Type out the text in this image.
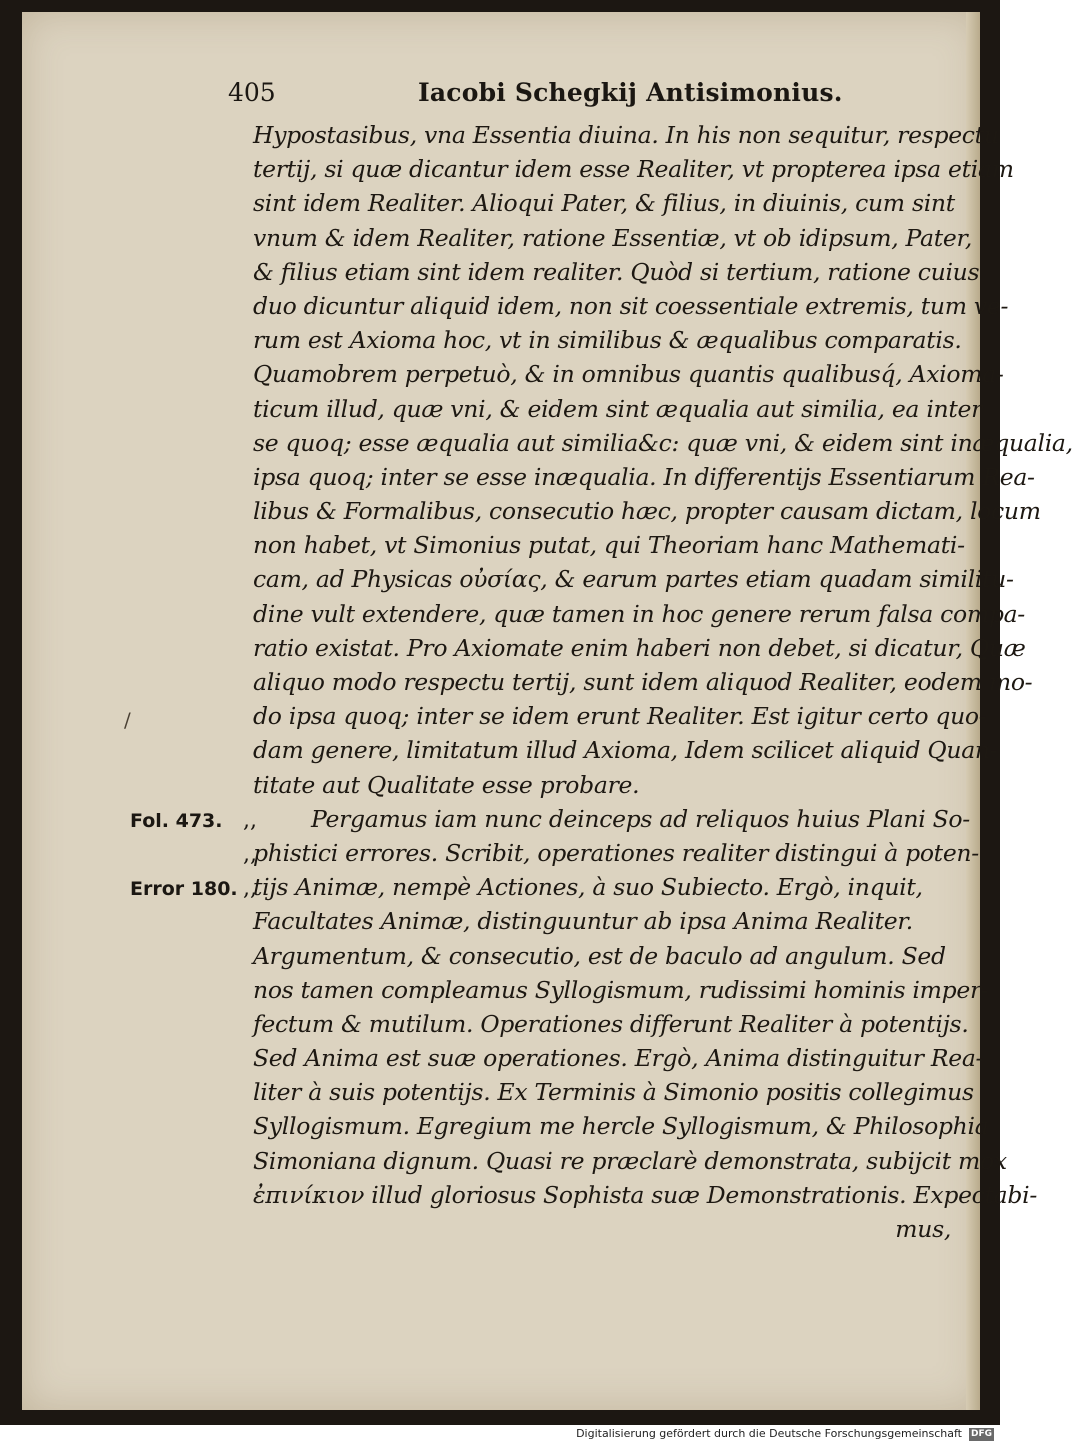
405	Iacobi Schegkij Antisimonius.
Hypostasibus, vna Essentia diuina. In his non sequitur, respectu
tertij, si quæ dicantur idem esse Realiter, vt propterea ipsa etiam
sint idem Realiter. Alioqui Pater, & filius, in diuinis, cum sint
vnum & idem Realiter, ratione Essentiæ, vt ob idipsum, Pater,
& filius etiam sint idem realiter. Quòd si tertium, ratione cuius
duo dicuntur aliquid idem, non sit coessentiale extremis, tum ve-
rum est Axioma hoc, vt in similibus & æqualibus comparatis.
Quamobrem perpetuò, & in omnibus quantis qualibusq́, Axioma-
ticum illud, quæ vni, & eidem sint æqualia aut similia, ea inter
se quoq; esse æqualia aut similia&c: quæ vni, & eidem sint inæqualia,
ipsa quoq; inter se esse inæqualia. In differentijs Essentiarum Rea-
libus & Formalibus, consecutio hæc, propter causam dictam, locum
non habet, vt Simonius putat, qui Theoriam hanc Mathemati-
cam, ad Physicas οὐσίας, & earum partes etiam quadam similitu-
dine vult extendere, quæ tamen in hoc genere rerum falsa compa-
ratio existat. Pro Axiomate enim haberi non debet, si dicatur, Quæ
aliquo modo respectu tertij, sunt idem aliquod Realiter, eodem mo-
do ipsa quoq; inter se idem erunt Realiter. Est igitur certo quo-
dam genere, limitatum illud Axioma, Idem scilicet aliquid Quan-
titate aut Qualitate esse probare.
Pergamus iam nunc deinceps ad reliquos huius Plani So-
phistici errores. Scribit, operationes realiter distingui à poten-
tijs Animæ, nempè Actiones, à suo Subiecto. Ergò, inquit,
Facultates Animæ, distinguuntur ab ipsa Anima Realiter.
Argumentum, & consecutio, est de baculo ad angulum. Sed
nos tamen compleamus Syllogismum, rudissimi hominis imper-
fectum & mutilum. Operationes differunt Realiter à potentijs.
Sed Anima est suæ operationes. Ergò, Anima distinguitur Rea-
liter à suis potentijs. Ex Terminis à Simonio positis collegimus
Syllogismum. Egregium me hercle Syllogismum, & Philosophia
Simoniana dignum. Quasi re præclarè demonstrata, subijcit mox
ἐπινίκιον illud gloriosus Sophista suæ Demonstrationis. Expectabi-
mus,
Fol. 473.
Error 180.
,,
,,
,,
/
Digitalisierung gefördert durch die Deutsche Forschungsgemeinschaft DFG
